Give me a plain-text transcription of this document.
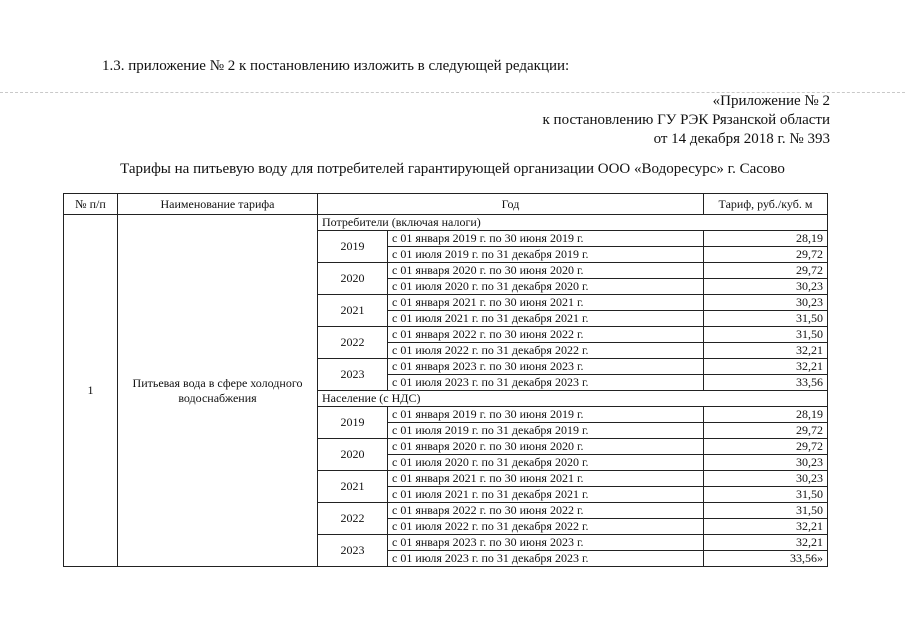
1.3. приложение № 2 к постановлению изложить в следующей редакции:
«Приложение № 2
к постановлению ГУ РЭК Рязанской области
от 14 декабря 2018 г. № 393
Тарифы на питьевую воду для потребителей гарантирующей организации ООО «Водоресурс» г. Сасово
№ п/п	Наименование тарифа	Год		Тариф, руб./куб. м
1	Питьевая вода в сфере холодного водоснабжения	Потребители (включая налоги)		
		2019	с 01 января 2019 г. по 30 июня 2019 г.	28,19
			с 01 июля 2019 г. по 31 декабря 2019 г.	29,72
		2020	с 01 января 2020 г. по 30 июня 2020 г.	29,72
			с 01 июля 2020 г. по 31 декабря 2020 г.	30,23
		2021	с 01 января 2021 г. по 30 июня 2021 г.	30,23
			с 01 июля 2021 г. по 31 декабря 2021 г.	31,50
		2022	с 01 января 2022 г. по 30 июня 2022 г.	31,50
			с 01 июля 2022 г. по 31 декабря 2022 г.	32,21
		2023	с 01 января 2023 г. по 30 июня 2023 г.	32,21
			с 01 июля 2023 г. по 31 декабря 2023 г.	33,56
		Население (с НДС)		
		2019	с 01 января 2019 г. по 30 июня 2019 г.	28,19
			с 01 июля 2019 г. по 31 декабря 2019 г.	29,72
		2020	с 01 января 2020 г. по 30 июня 2020 г.	29,72
			с 01 июля 2020 г. по 31 декабря 2020 г.	30,23
		2021	с 01 января 2021 г. по 30 июня 2021 г.	30,23
			с 01 июля 2021 г. по 31 декабря 2021 г.	31,50
		2022	с 01 января 2022 г. по 30 июня 2022 г.	31,50
			с 01 июля 2022 г. по 31 декабря 2022 г.	32,21
		2023	с 01 января 2023 г. по 30 июня 2023 г.	32,21
			с 01 июля 2023 г. по 31 декабря 2023 г.	33,56»
